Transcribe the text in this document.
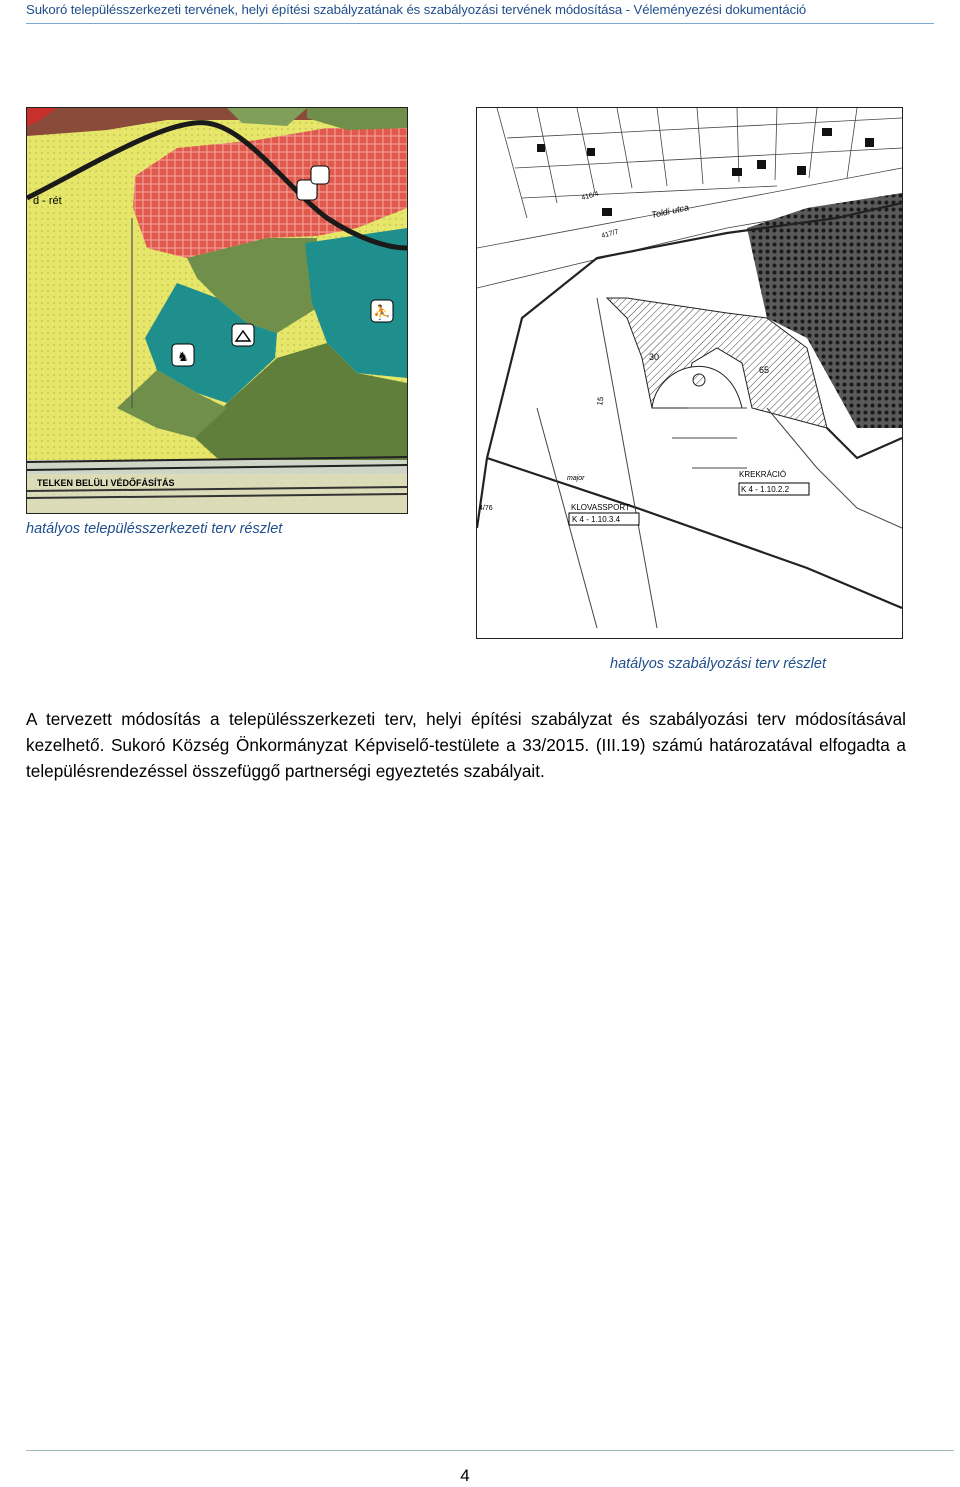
Sukoró településszerkezeti tervének, helyi építési szabályzatának és szabályozási tervének módosítása - Véleményezési dokumentáció
⛹
♞
d - rét
TELKEN BELÜLI VÉDŐFÁSÍTÁS
KLOVASSPORT
K 4 - 1.10.3.4
KREKRÁCIÓ
K 4 - 1.10.2.2
Toldi utca
major
30
15
65
416/4
417/7
4/76
hatályos településszerkezeti terv részlet
hatályos szabályozási terv részlet

A tervezett módosítás a településszerkezeti terv, helyi építési szabályzat és szabályozási terv módosításával kezelhető. Sukoró Község Önkormányzat Képviselő-testülete a 33/2015. (III.19) számú határozatával elfogadta a településrendezéssel összefüggő partnerségi egyeztetés szabályait.

4
